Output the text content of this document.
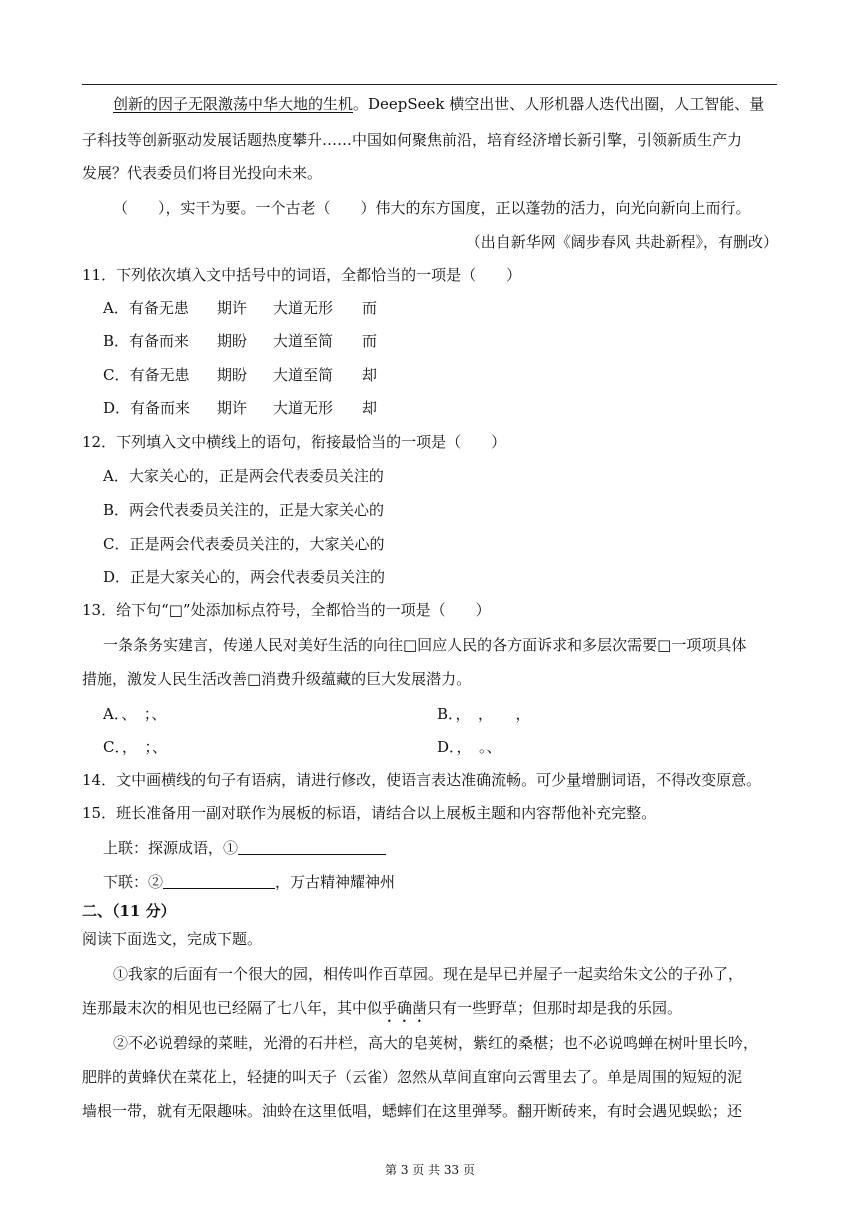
创新的因子无限激荡中华大地的生机。DeepSeek 横空出世、人形机器人迭代出圈，人工智能、量
子科技等创新驱动发展话题热度攀升……中国如何聚焦前沿，培育经济增长新引擎，引领新质生产力
发展？代表委员们将目光投向未来。
（　　），实干为要。一个古老（　　）伟大的东方国度，正以蓬勃的活力，向光向新向上而行。
（出自新华网《阔步春风 共赴新程》，有删改）
11．下列依次填入文中括号中的词语，全都恰当的一项是（　　）
A．有备无患 期许 大道无形 而
B．有备而来 期盼 大道至简 而
C．有备无患 期盼 大道至简 却
D．有备而来 期许 大道无形 却
12．下列填入文中横线上的语句，衔接最恰当的一项是（　　）
A．大家关心的，正是两会代表委员关注的
B．两会代表委员关注的，正是大家关心的
C．正是两会代表委员关注的，大家关心的
D．正是大家关心的，两会代表委员关注的
13．给下句“□”处添加标点符号，全都恰当的一项是（　　）
一条条务实建言，传递人民对美好生活的向往□回应人民的各方面诉求和多层次需要□一项项具体
措施，激发人民生活改善□消费升级蕴藏的巨大发展潜力。
A．、　；、	B．，　，　　，
C．，　；、	D．，　。、
14．文中画横线的句子有语病，请进行修改，使语言表达准确流畅。可少量增删词语，不得改变原意。
15．班长准备用一副对联作为展板的标语，请结合以上展板主题和内容帮他补充完整。
上联：探源成语，①
下联：②	，万古精神耀神州
二、（11 分）
阅读下面选文，完成下题。
①我家的后面有一个很大的园，相传叫作百草园。现在是早已并屋子一起卖给朱文公的子孙了，
连那最末次的相见也已经隔了七八年，其中似乎确凿只有一些野草；但那时却是我的乐园。
②不必说碧绿的菜畦，光滑的石井栏，高大的皂荚树，紫红的桑椹；也不必说鸣蝉在树叶里长吟，
肥胖的黄蜂伏在菜花上，轻捷的叫天子（云雀）忽然从草间直窜向云霄里去了。单是周围的短短的泥
墙根一带，就有无限趣味。油蛉在这里低唱，蟋蟀们在这里弹琴。翻开断砖来，有时会遇见蜈蚣；还
第 3 页 共 33 页
